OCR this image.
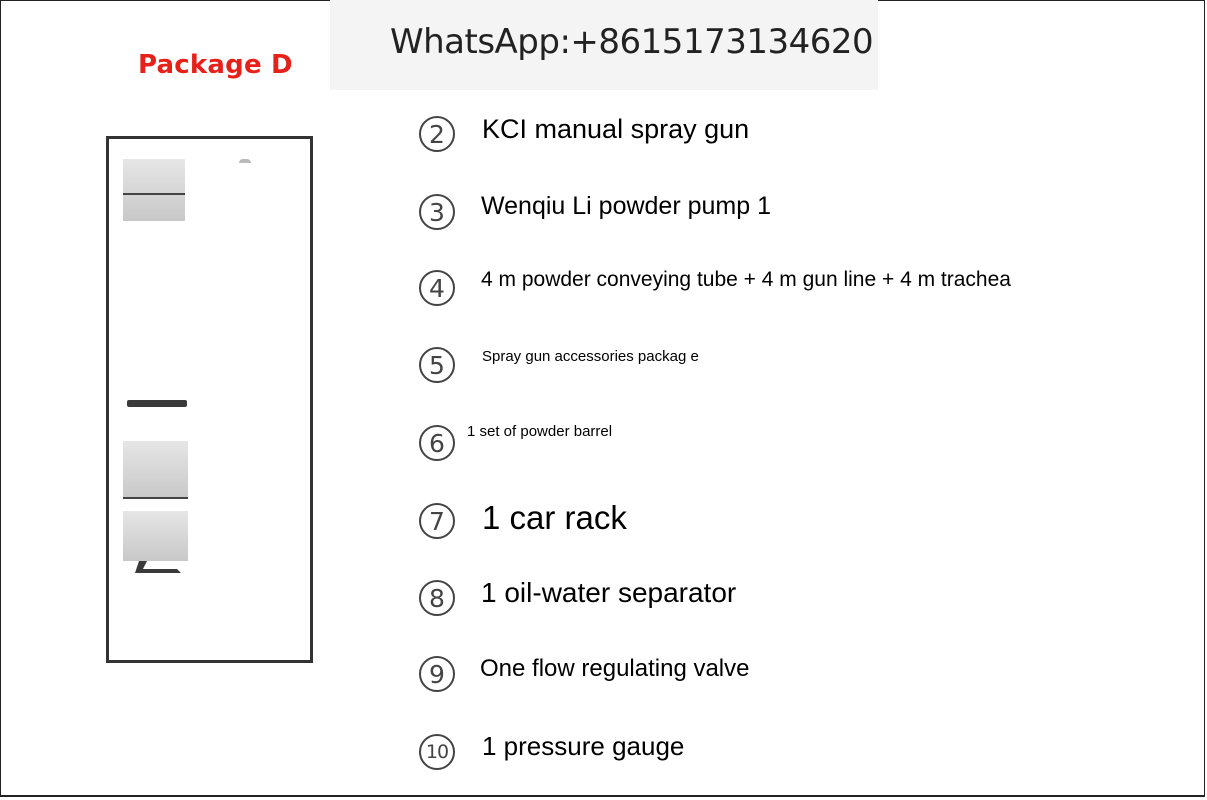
Package D
WhatsApp:+8615173134620
2	KCI manual spray gun
3	Wenqiu Li powder pump 1
4	4 m powder conveying tube + 4 m gun line + 4 m trachea
5	Spray gun accessories packag e
6	1 set of powder barrel
7	1 car rack
8	1 oil-water separator
9	One flow regulating valve
10 1 pressure gauge
